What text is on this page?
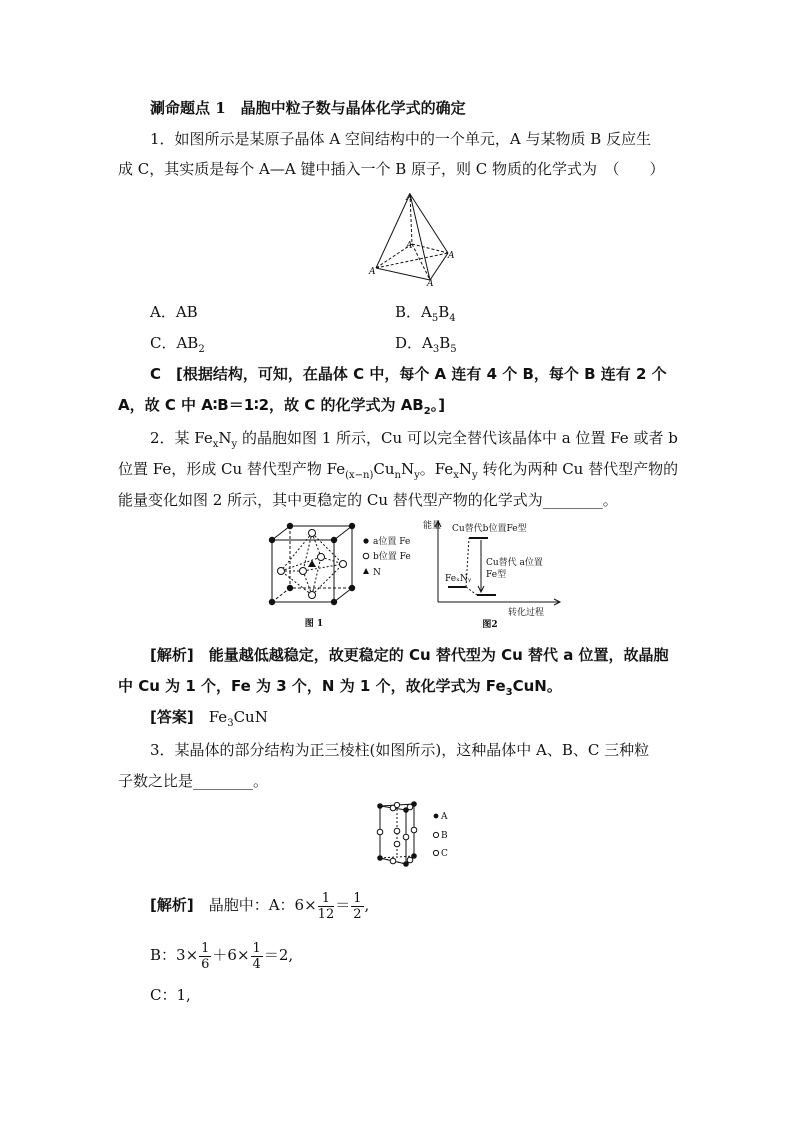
涮命题点 1　晶胞中粒子数与晶体化学式的确定
1．如图所示是某原子晶体 A 空间结构中的一个单元，A 与某物质 B 反应生
成 C，其实质是每个 A—A 键中插入一个 B 原子，则 C 物质的化学式为　（　　）
A
A
A
A
A
A．AB	B．$A_5B_4$
C．$AB_2$	D．$A_3B_5$
C　[根据结构，可知，在晶体 C 中，每个 A 连有 4 个 B，每个 B 连有 2 个
A，故 C 中 A∶B＝1∶2，故 C 的化学式为 $AB_2$。]
2．某 $Fe_xN_y$ 的晶胞如图 1 所示，Cu 可以完全替代该晶体中 a 位置 Fe 或者 b
位置 Fe，形成 Cu 替代型产物 $Fe_{(x-n)}Cu_nN_y$。$Fe_xN_y$ 转化为两种 Cu 替代型产物的
能量变化如图 2 所示，其中更稳定的 Cu 替代型产物的化学式为________。
a位置 Fe
b位置 Fe
N
图 1
能量 Cu替代b位置Fe型
Cu替代 a位置
Fe型
FeₓNᵧ
转化过程
图2
[解析]　能量越低越稳定，故更稳定的 Cu 替代型为 Cu 替代 a 位置，故晶胞
中 Cu 为 1 个，Fe 为 3 个，N 为 1 个，故化学式为 $Fe_3CuN$。
[答案]　$Fe_3CuN$
3．某晶体的部分结构为正三棱柱(如图所示)，这种晶体中 A、B、C 三种粒
子数之比是________。
A
B
C
[解析]　晶胞中：A：$6\times \frac{1}{12} = \frac{1}{2}$ ,
B：$3\times \frac{1}{6} +6\times \frac{1}{4} =2$,
C：1,
